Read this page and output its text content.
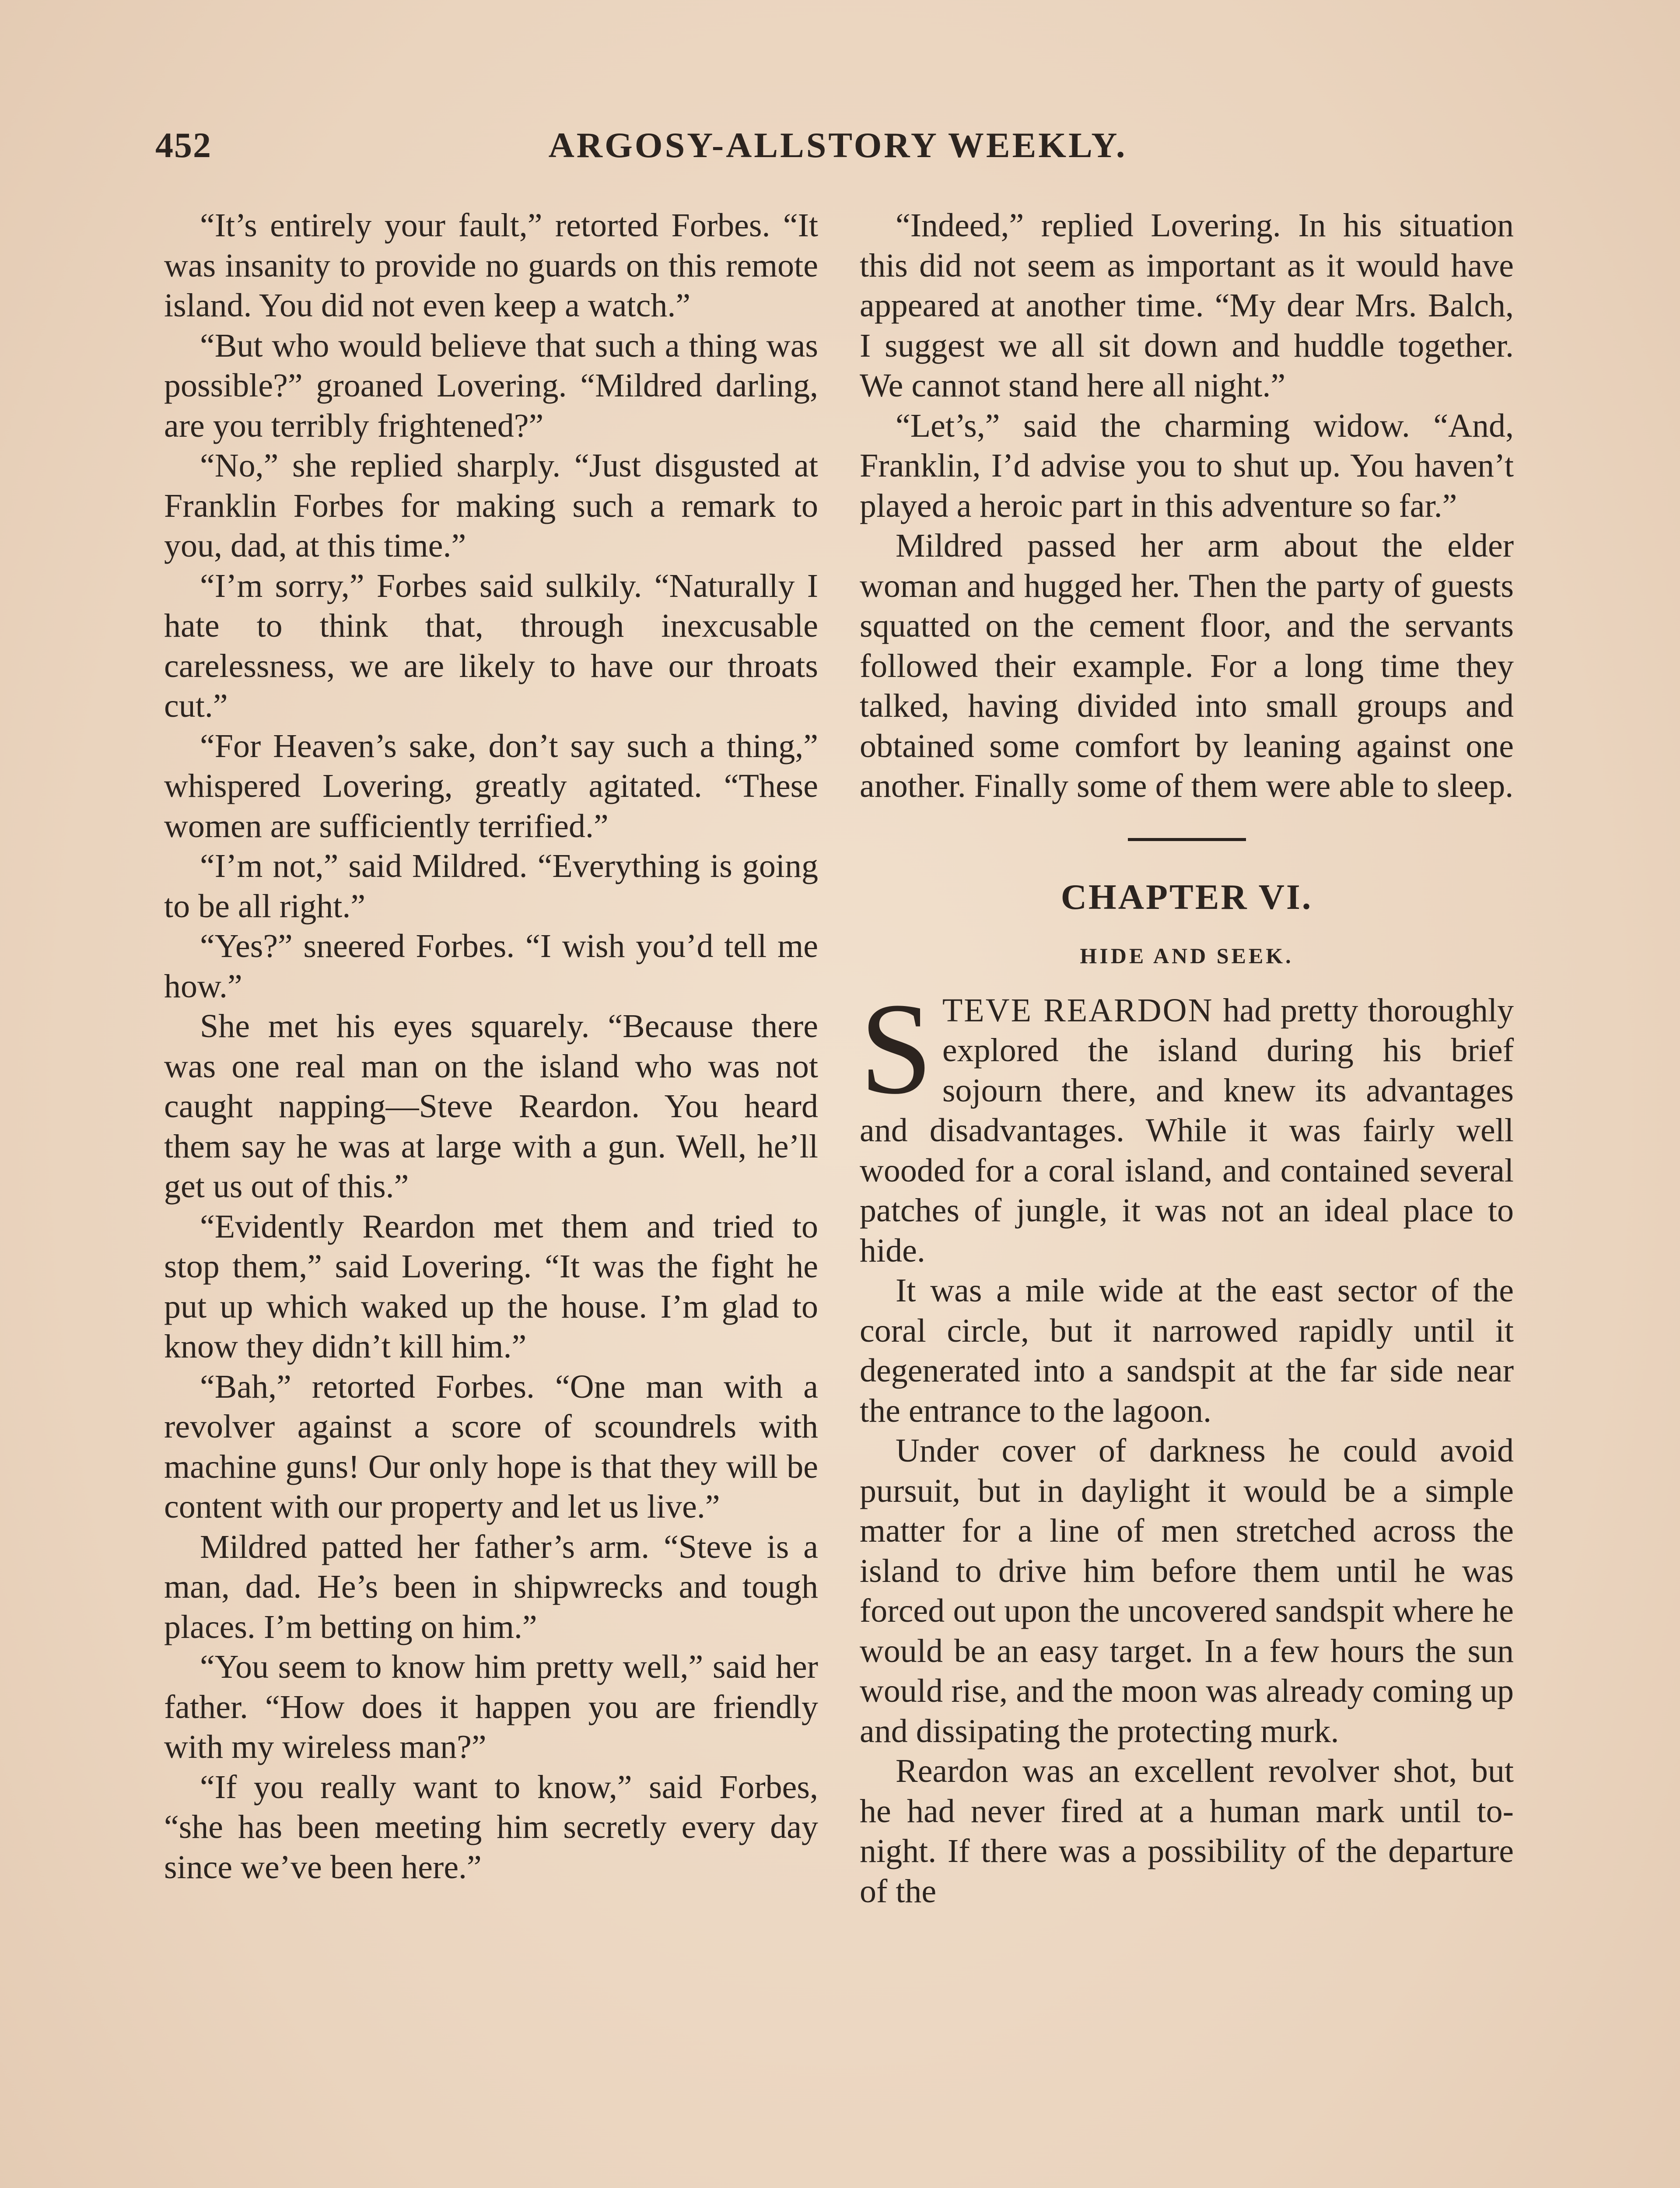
452	ARGOSY-ALLSTORY WEEKLY.

“It’s entirely your fault,” retorted Forbes. “It was insanity to provide no guards on this remote island. You did not even keep a watch.”

“But who would believe that such a thing was possible?” groaned Lovering. “Mildred darling, are you terribly frightened?”

“No,” she replied sharply. “Just disgusted at Franklin Forbes for making such a remark to you, dad, at this time.”

“I’m sorry,” Forbes said sulkily. “Naturally I hate to think that, through inexcusable carelessness, we are likely to have our throats cut.”

“For Heaven’s sake, don’t say such a thing,” whispered Lovering, greatly agitated. “These women are sufficiently terrified.”

“I’m not,” said Mildred. “Everything is going to be all right.”

“Yes?” sneered Forbes. “I wish you’d tell me how.”

She met his eyes squarely. “Because there was one real man on the island who was not caught napping—Steve Reardon. You heard them say he was at large with a gun. Well, he’ll get us out of this.”

“Evidently Reardon met them and tried to stop them,” said Lovering. “It was the fight he put up which waked up the house. I’m glad to know they didn’t kill him.”

“Bah,” retorted Forbes. “One man with a revolver against a score of scoundrels with machine guns! Our only hope is that they will be content with our property and let us live.”

Mildred patted her father’s arm. “Steve is a man, dad. He’s been in shipwrecks and tough places. I’m betting on him.”

“You seem to know him pretty well,” said her father. “How does it happen you are friendly with my wireless man?”

“If you really want to know,” said Forbes, “she has been meeting him secretly every day since we’ve been here.”

“Indeed,” replied Lovering. In his situation this did not seem as important as it would have appeared at another time. “My dear Mrs. Balch, I suggest we all sit down and huddle together. We cannot stand here all night.”

“Let’s,” said the charming widow. “And, Franklin, I’d advise you to shut up. You haven’t played a heroic part in this adventure so far.”

Mildred passed her arm about the elder woman and hugged her. Then the party of guests squatted on the cement floor, and the servants followed their example. For a long time they talked, having divided into small groups and obtained some comfort by leaning against one another. Finally some of them were able to sleep.

CHAPTER VI.
HIDE AND SEEK.

STEVE REARDON had pretty thoroughly explored the island during his brief sojourn there, and knew its advantages and disadvantages. While it was fairly well wooded for a coral island, and contained several patches of jungle, it was not an ideal place to hide.

It was a mile wide at the east sector of the coral circle, but it narrowed rapidly until it degenerated into a sandspit at the far side near the entrance to the lagoon.

Under cover of darkness he could avoid pursuit, but in daylight it would be a simple matter for a line of men stretched across the island to drive him before them until he was forced out upon the uncovered sandspit where he would be an easy target. In a few hours the sun would rise, and the moon was already coming up and dissipating the protecting murk.

Reardon was an excellent revolver shot, but he had never fired at a human mark until to-night. If there was a possibility of the departure of the
